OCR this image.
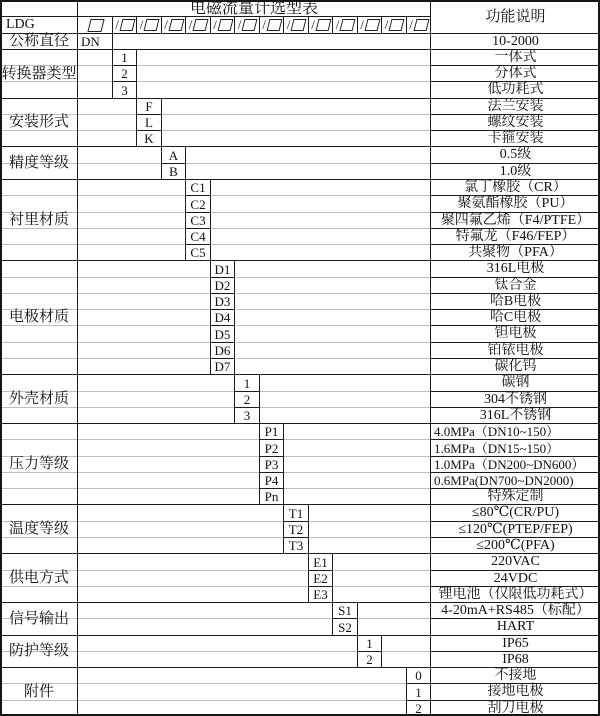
电磁流量计选型表	功能说明
LDG	/ / / / / / / / / / / / /
公称直径 DN	10-2000
转换器类型
1	一体式
2	分体式
3	低功耗式
安装形式
F	法兰安装
L	螺纹安装
K	卡箍安装
精度等级	A	0.5级
B	1.0级
衬里材质
C1	氯丁橡胶（CR）
C2	聚氨酯橡胶（PU）
C3	聚四氟乙烯（F4/PTFE）
C4	特氟龙（F46/FEP）
C5	共聚物（PFA）
电极材质
D1	316L电极
D2	钛合金
D3	哈B电极
D4	哈C电极
D5	钽电极
D6	铂铱电极
D7	碳化钨
外壳材质
1	碳钢
2	304不锈钢
3	316L不锈钢
压力等级
P1	4.0MPa（DN10~150）
P2	1.6MPa（DN15~150）
P3	1.0MPa（DN200~DN600）
P4	0.6MPa(DN700~DN2000)
Pn	特殊定制
温度等级
T1	≤80℃(CR/PU)
T2	≤120℃(PTEP/FEP)
T3	≤200℃(PFA)
供电方式
E1	220VAC
E2	24VDC
E3	锂电池（仅限低功耗式）
信号输出	S1	4-20mA+RS485（标配）
S2	HART
防护等级	1	IP65
2	IP68
附件
0	不接地
1	接地电极
2	刮刀电极
